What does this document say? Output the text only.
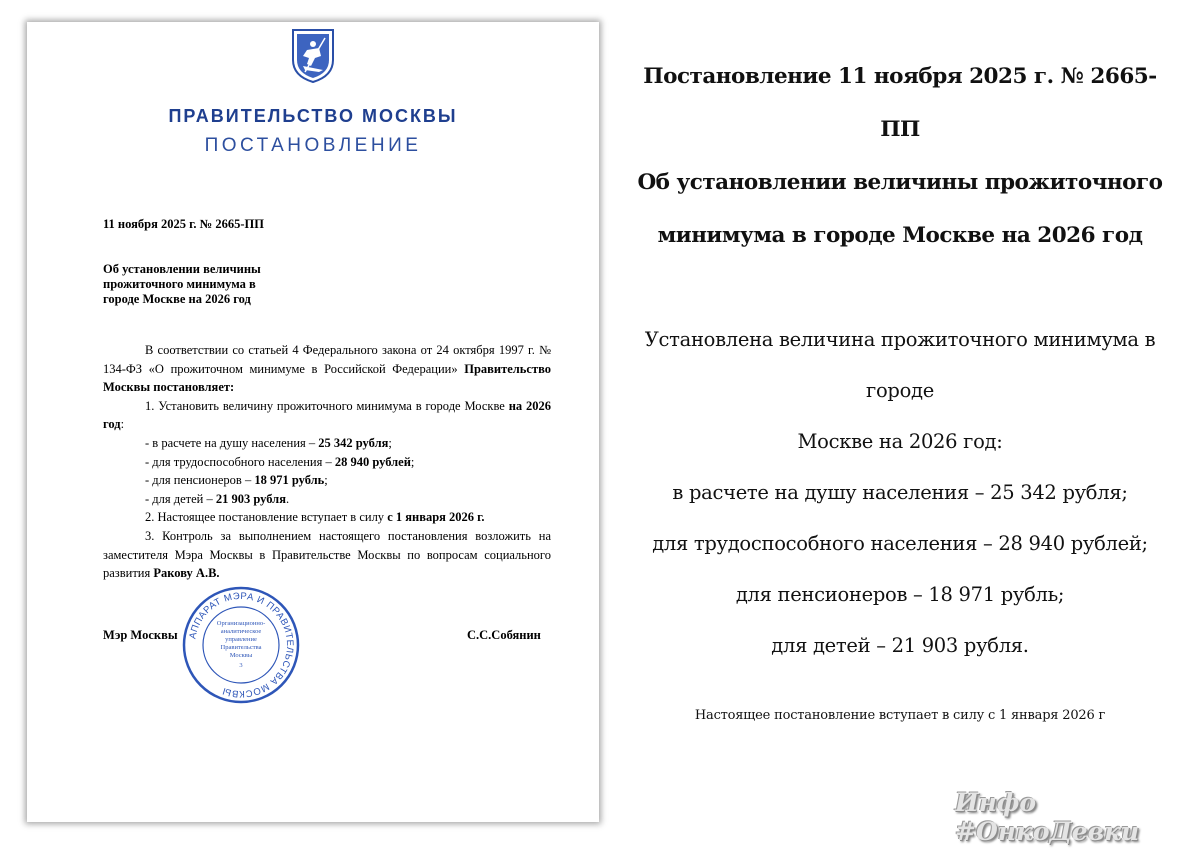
ПРАВИТЕЛЬСТВО МОСКВЫ
ПОСТАНОВЛЕНИЕ
11 ноября 2025 г. № 2665-ПП
Об установлении величины
прожиточного минимума в
городе Москве на 2026 год

В соответствии со статьей 4 Федерального закона от 24 октября 1997 г. № 134-ФЗ «О прожиточном минимуме в Российской Федерации» Правительство Москвы постановляет:

1. Установить величину прожиточного минимума в городе Москве на 2026 год:

- в расчете на душу населения – 25 342 рубля;

- для трудоспособного населения – 28 940 рублей;

- для пенсионеров – 18 971 рубль;

- для детей – 21 903 рубля.

2. Настоящее постановление вступает в силу с 1 января 2026 г.

3. Контроль за выполнением настоящего постановления возложить на заместителя Мэра Москвы в Правительстве Москвы по вопросам социального развития Ракову А.В.

Мэр Москвы АППАРАТ МЭРА И ПРАВИТЕЛЬСТВА МОСКВЫ
Организационно-
аналитическое
управление
Правительства
Москвы
3
С.С.Собянин
Постановление 11 ноября 2025 г. № 2665-ПП
Об установлении величины прожиточного
минимума в городе Москве на 2026 год
Установлена величина прожиточного минимума в
городе
Москве на 2026 год:
в расчете на душу населения – 25 342 рубля;
для трудоспособного населения – 28 940 рублей;
для пенсионеров – 18 971 рубль;
для детей – 21 903 рубля.
Настоящее постановление вступает в силу с 1 января 2026 г
Инфо #ОнкоДевки
